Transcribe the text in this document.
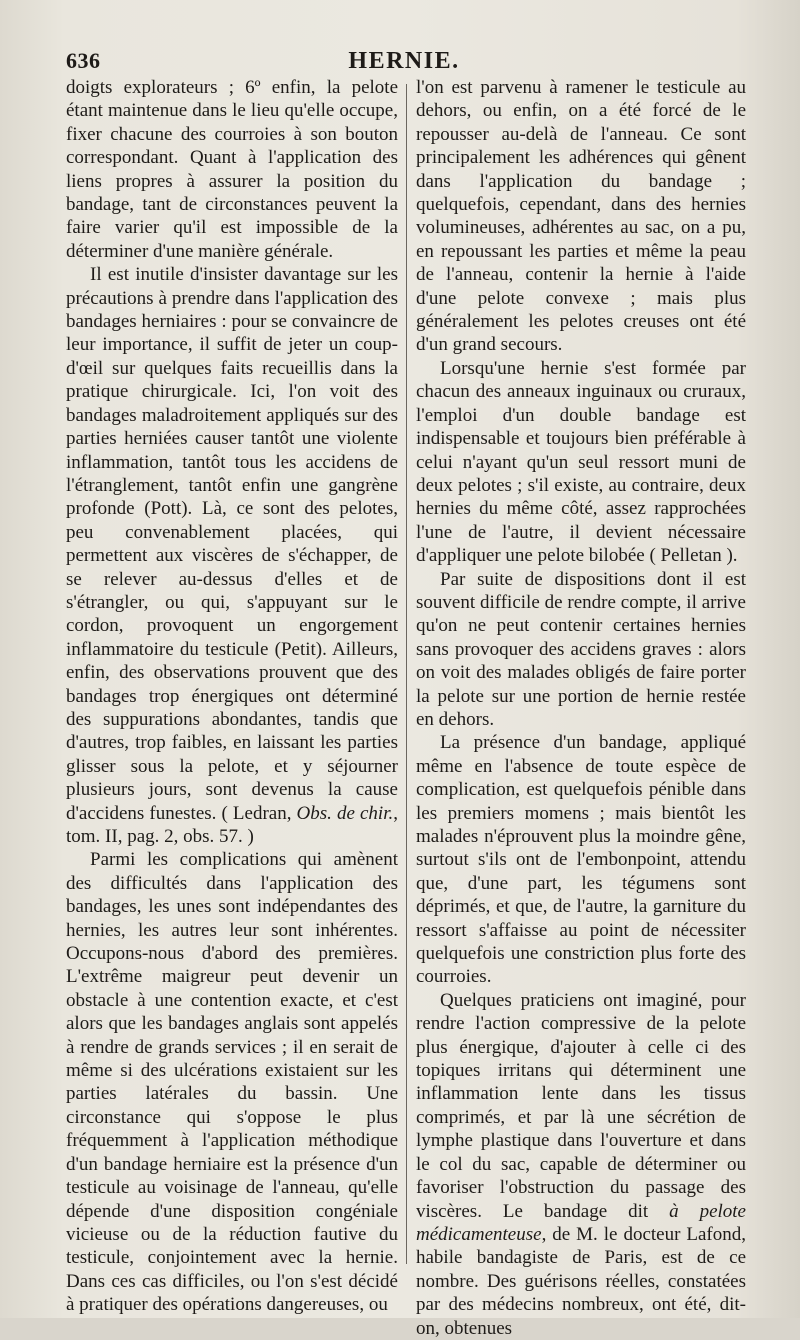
636	HERNIE.

doigts explorateurs ; 6º enfin, la pelote étant maintenue dans le lieu qu'elle occupe, fixer chacune des courroies à son bouton correspondant. Quant à l'application des liens propres à assurer la position du bandage, tant de circonstances peuvent la faire varier qu'il est impossible de la déterminer d'une manière générale.

Il est inutile d'insister davantage sur les précautions à prendre dans l'application des bandages herniaires : pour se convaincre de leur importance, il suffit de jeter un coup-d'œil sur quelques faits recueillis dans la pratique chirurgicale. Ici, l'on voit des bandages maladroitement appliqués sur des parties herniées causer tantôt une violente inflammation, tantôt tous les accidens de l'étranglement, tantôt enfin une gangrène profonde (Pott). Là, ce sont des pelotes, peu convenablement placées, qui permettent aux viscères de s'échapper, de se relever au-dessus d'elles et de s'étrangler, ou qui, s'appuyant sur le cordon, provoquent un engorgement inflammatoire du testicule (Petit). Ailleurs, enfin, des observations prouvent que des bandages trop énergiques ont déterminé des suppurations abondantes, tandis que d'autres, trop faibles, en laissant les parties glisser sous la pelote, et y séjourner plusieurs jours, sont devenus la cause d'accidens funestes. ( Ledran, Obs. de chir., tom. II, pag. 2, obs. 57. )

Parmi les complications qui amènent des difficultés dans l'application des bandages, les unes sont indépendantes des hernies, les autres leur sont inhérentes. Occupons-nous d'abord des premières. L'extrême maigreur peut devenir un obstacle à une contention exacte, et c'est alors que les bandages anglais sont appelés à rendre de grands services ; il en serait de même si des ulcérations existaient sur les parties latérales du bassin. Une circonstance qui s'oppose le plus fréquemment à l'application méthodique d'un bandage herniaire est la présence d'un testicule au voisinage de l'anneau, qu'elle dépende d'une disposition congéniale vicieuse ou de la réduction fautive du testicule, conjointement avec la hernie. Dans ces cas difficiles, ou l'on s'est décidé à pratiquer des opérations dangereuses, ou

l'on est parvenu à ramener le testicule au dehors, ou enfin, on a été forcé de le repousser au-delà de l'anneau. Ce sont principalement les adhérences qui gênent dans l'application du bandage ; quelquefois, cependant, dans des hernies volumineuses, adhérentes au sac, on a pu, en repoussant les parties et même la peau de l'anneau, contenir la hernie à l'aide d'une pelote convexe ; mais plus généralement les pelotes creuses ont été d'un grand secours.

Lorsqu'une hernie s'est formée par chacun des anneaux inguinaux ou cruraux, l'emploi d'un double bandage est indispensable et toujours bien préférable à celui n'ayant qu'un seul ressort muni de deux pelotes ; s'il existe, au contraire, deux hernies du même côté, assez rapprochées l'une de l'autre, il devient nécessaire d'appliquer une pelote bilobée ( Pelletan ).

Par suite de dispositions dont il est souvent difficile de rendre compte, il arrive qu'on ne peut contenir certaines hernies sans provoquer des accidens graves : alors on voit des malades obligés de faire porter la pelote sur une portion de hernie restée en dehors.

La présence d'un bandage, appliqué même en l'absence de toute espèce de complication, est quelquefois pénible dans les premiers momens ; mais bientôt les malades n'éprouvent plus la moindre gêne, surtout s'ils ont de l'embonpoint, attendu que, d'une part, les tégumens sont déprimés, et que, de l'autre, la garniture du ressort s'affaisse au point de nécessiter quelquefois une constriction plus forte des courroies.

Quelques praticiens ont imaginé, pour rendre l'action compressive de la pelote plus énergique, d'ajouter à celle ci des topiques irritans qui déterminent une inflammation lente dans les tissus comprimés, et par là une sécrétion de lymphe plastique dans l'ouverture et dans le col du sac, capable de déterminer ou favoriser l'obstruction du passage des viscères. Le bandage dit à pelote médicamenteuse, de M. le docteur Lafond, habile bandagiste de Paris, est de ce nombre. Des guérisons réelles, constatées par des médecins nombreux, ont été, dit-on, obtenues
